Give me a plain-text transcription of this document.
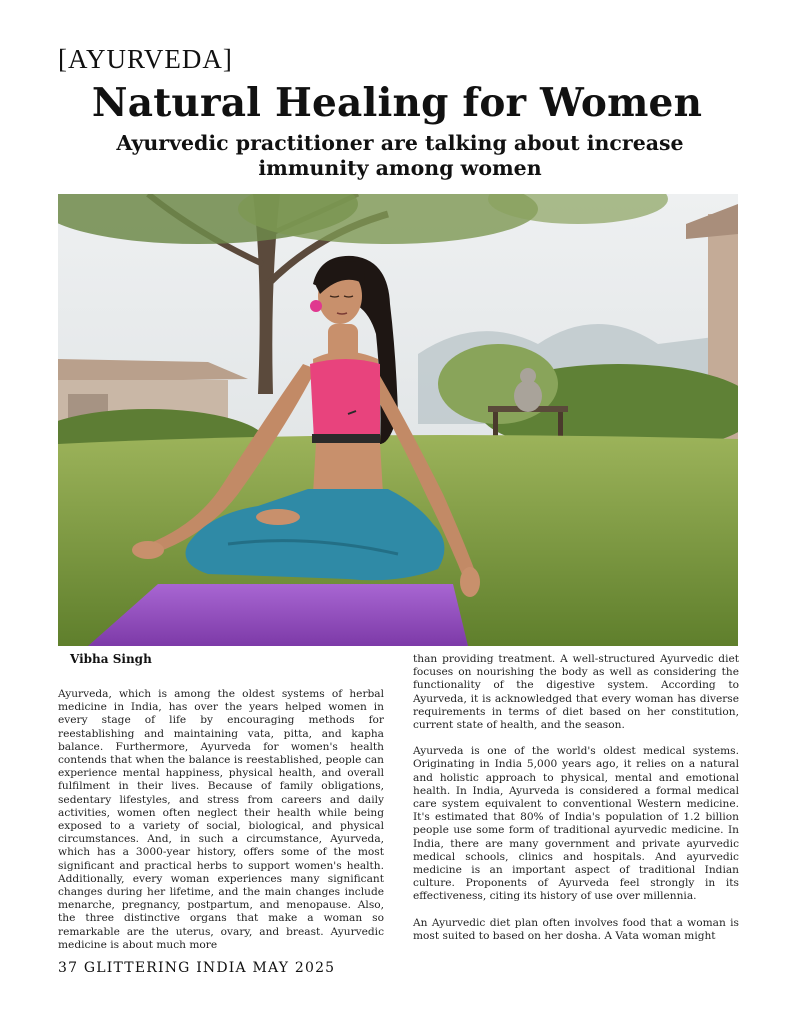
[AYURVEDA]
Natural Healing for Women
Ayurvedic practitioner are talking about increase immunity among women
Vibha Singh

Ayurveda, which is among the oldest systems of herbal medicine in India, has over the years helped women in every stage of life by encouraging methods for reestablishing and maintaining vata, pitta, and kapha balance. Furthermore, Ayurveda for women's health contends that when the balance is reestablished, people can experience mental happiness, physical health, and overall fulfilment in their lives. Because of family obligations, sedentary lifestyles, and stress from careers and daily activities, women often neglect their health while being exposed to a variety of social, biological, and physical circumstances. And, in such a circumstance, Ayurveda, which has a 3000-year history, offers some of the most significant and practical herbs to support women's health. Additionally, every woman experiences many significant changes during her lifetime, and the main changes include menarche, pregnancy, postpartum, and menopause. Also, the three distinctive organs that make a woman so remarkable are the uterus, ovary, and breast. Ayurvedic medicine is about much more

than providing treatment. A well-structured Ayurvedic diet focuses on nourishing the body as well as considering the functionality of the digestive system. According to Ayurveda, it is acknowledged that every woman has diverse requirements in terms of diet based on her constitution, current state of health, and the season.

Ayurveda is one of the world's oldest medical systems. Originating in India 5,000 years ago, it relies on a natural and holistic approach to physical, mental and emotional health. In India, Ayurveda is considered a formal medical care system equivalent to conventional Western medicine. It's estimated that 80% of India's population of 1.2 billion people use some form of traditional ayurvedic medicine. In India, there are many government and private ayurvedic medical schools, clinics and hospitals. And ayurvedic medicine is an important aspect of traditional Indian culture. Proponents of Ayurveda feel strongly in its effectiveness, citing its history of use over millennia.

An Ayurvedic diet plan often involves food that a woman is most suited to based on her dosha. A Vata woman might

37 GLITTERING INDIA MAY 2025
